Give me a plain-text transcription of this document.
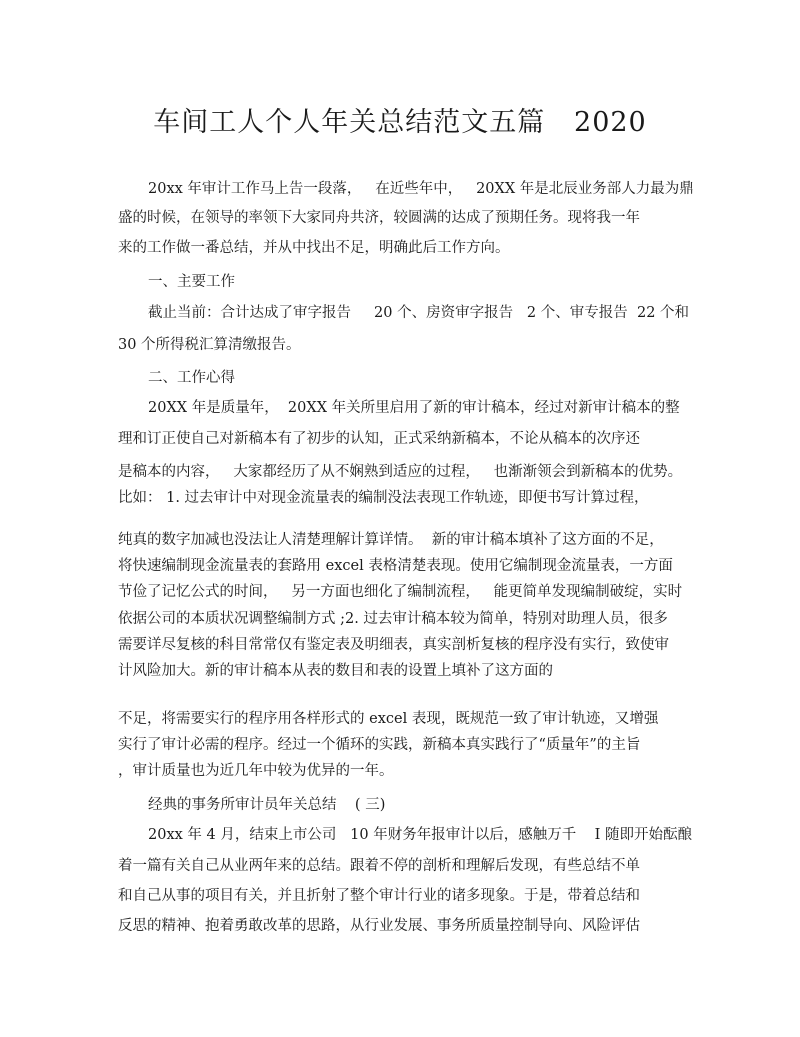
车间工人个人年关总结范文五篇   2020
20xx 年审计工作马上告一段落，   在近些年中，   20XX 年是北辰业务部人力最为鼎
盛的时候，在领导的率领下大家同舟共济，较圆满的达成了预期任务。现将我一年
来的工作做一番总结，并从中找出不足，明确此后工作方向。
一、主要工作
截止当前：合计达成了审字报告     20 个、房资审字报告   2 个、审专报告  22 个和
30 个所得税汇算清缴报告。
二、工作心得
20XX 年是质量年，  20XX 年关所里启用了新的审计稿本，经过对新审计稿本的整
理和订正使自己对新稿本有了初步的认知，正式采纳新稿本，不论从稿本的次序还
是稿本的内容，   大家都经历了从不娴熟到适应的过程，   也渐渐领会到新稿本的优势。
比如： 1. 过去审计中对现金流量表的编制没法表现工作轨迹，即便书写计算过程，
纯真的数字加减也没法让人清楚理解计算详情。  新的审计稿本填补了这方面的不足，
将快速编制现金流量表的套路用 excel 表格清楚表现。使用它编制现金流量表，一方面
节俭了记忆公式的时间，   另一方面也细化了编制流程，   能更简单发现编制破绽，实时
依据公司的本质状况调整编制方式 ;2. 过去审计稿本较为简单，特别对助理人员，很多
需要详尽复核的科目常常仅有鉴定表及明细表，真实剖析复核的程序没有实行，致使审
计风险加大。新的审计稿本从表的数目和表的设置上填补了这方面的
不足，将需要实行的程序用各样形式的 excel 表现，既规范一致了审计轨迹，又增强
实行了审计必需的程序。经过一个循环的实践，新稿本真实践行了“质量年”的主旨
，审计质量也为近几年中较为优异的一年。
经典的事务所审计员年关总结    ( 三)
20xx 年 4 月，结束上市公司   10 年财务年报审计以后，感触万千    I 随即开始酝酿
着一篇有关自己从业两年来的总结。跟着不停的剖析和理解后发现，有些总结不单
和自己从事的项目有关，并且折射了整个审计行业的诸多现象。于是，带着总结和
反思的精神、抱着勇敢改革的思路，从行业发展、事务所质量控制导向、风险评估
